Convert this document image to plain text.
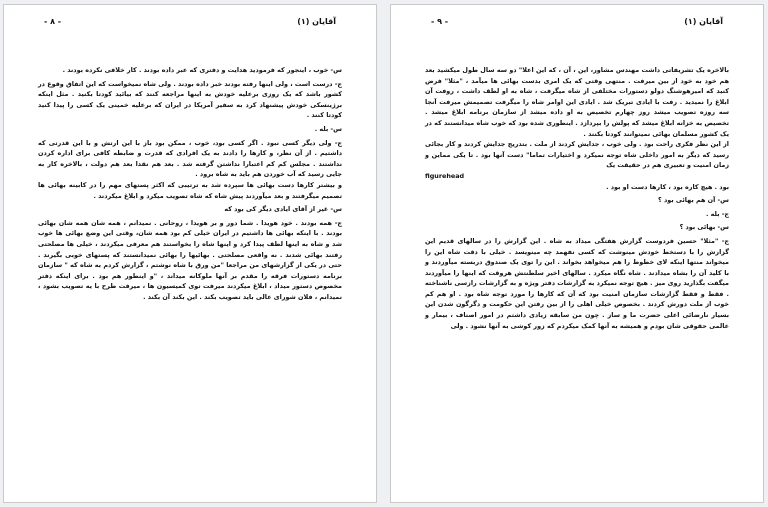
آقایان (۱)
- ۸ -

س- خوب ، اینجور که فرمودید هدایت و دفتری که عبر داده بودند . کار خلافی نکرده بودند .

ج- درست است ، ولی اینها رفته بودند خبر داده بودند . ولی شاه نمیخواست که این اتفاق وقوع در کشور باشد که یک روزی برعلیه خودش به اینها مراجعه کنند که بیائید کودتا بکنید . مثل اینکه برژینسکی خودش پیشنهاد کرد به سفیر آمریکا در ایران که برعلیه خمینی یک کسی را پیدا کنید کودتا کنند .

س- بله .

ج- ولی دیگر کسی نبود . اگر کسی بود، خوب ، ممکن بود باز با این ارتش و با این قدرتی که داشتیم . از آن نظر، و کارها را دادند به یک افرادی که قدرت و ضابطه کافی برای اداره کردن نداشتند . مجلس کم کم اعتبارا نداشتن گرفته شد . بعد هم نقدا بعد هم دولت ، بالاخره کار به جایی رسید که آب خوردن هم باید به شاه برود .

و بیشتر کارها دست بهائی ها سپرده شد به ترتیبی که اکثر پستهای مهم را در کابینه بهائی ها تصمیم میگرفتند و بعد میآوردند پیش شاه که شاه تصویب میکرد و ابلاغ میکردند .

س- غیر از آقای ایادی دیگر کی بود که

ج- همه بودند . خود هویدا . شما دور و بر هویدا ، روحانی . نمیدانم ، همه شان همه شان بهائی بودند . با اینکه بهائی ها داشتیم در ایران خیلی کم بود همه شان، وقتی این وضع بهائی ها خوب شد و شاه به اینها لطف پیدا کرد و اینها شاه را بخواستند هم معرفی میکردند ، خیلی ها مصلحتی رفتند بهائی شدند . نه واقعی مصلحتی . بهائیها را بهائی نمیدانستند که پستهای خوبی بگیرند . حتی در یکی از گزارشهای من مراجعا "من ورق با شاه نوشتم ، گزارش کردم به شاه که " سازمان برنامه دستورات فرقه را مقدم بر آنها ملوکانه میداند ، "و اینطور هم بود . برای اینکه دفتر مخصوص دستور میداد ، ابلاغ میکردند میرفت توی کمیسیون ها ، میرفت طرح با یه تصویب بشود ، نمیدانم ، فلان شورای عالی باید تصویب بکند . این بکند آن بکند .

آقایان (۱)
- ۹ -

بالاخره یک تشریفاتی داشت مهندس مشاور، این ، آن ، که این اعلا" دو سه سال طول میکشید بعد هم خود به خود از بین میرفت . منتهی وقتی که یک امری بدست بهائی ها میآمد ، "مثلا" فرض کنید که امیرهوشنگ دولو دستورات مختلفی از شاه میگرفت ، شاه به او لطف داشت ، روفت آن ابلاغ را نمیدید . رفت با ایادی تبریک شد . ایادی این اوامر شاه را میگرفت تصمیمش میرفت آنجا سه روزه تصویب میشد روز چهارم تخصیص به او داده میشد از سازمان برنامه ابلاغ میشد . تخصیص به خزانه ابلاغ میشد که پولش را بپردازد . اینطوری شده بود که خوب شاه میدانستند که در یک کشور مسلمان بهائی نمیتوانند کودتا بکنند .

از این نظر فکری راحت بود . ولی خوب ، جدایش کردند از ملت . بتدریج جدایش کردند و کار بجائی رسید که دیگر به امور داخلی شاه توجه نمیکرد و اختیارات تماما" دست آنها بود . تا یکی مماین و زمان امنیت و تعبیری هم در حقیقت یک

figurehead

بود . هیچ کاره بود ، کارها دست او بود .

س- آن هم بهائی بود ؟

ج- بله .

س- بهائی بود ؟

ج- "مثلا" حسین فردوست گزارش هفتگی میداد به شاه . این گزارش را در سالهای قدیم این گزارش را با دستخط خودش مینوشت که کسی نفهمد چه مینویسد . خیلی با دقت شاه این را میخواند منتها اینکه لای خطوط را هم میخواهد بخواند . این را توی یک صندوق دربسته میآوردند و با کلید آن را بشاه میدادند . شاه نگاه میکرد . سالهای اخیر سلطنتش هروقت که اینها را میآوردند میگفت بگذارید روی میز . هیچ توجه نمیکرد به گزارشات دفتر ویژه و به گزارشات رازسی ناشناخته . فقط و فقط گزارشات سازمان امنیت بود که آن که کارها را مورد توجه شاه بود . او هم کم خوب از ملت دورش کردند . بخصوص خیلی اهلی را از بین رفتن این حکومت و دگرگون شدن این بسیار نارضائی اعلی حضرت ما و ساز . چون من سابقه زیادی داشتم در امور اصناف ، بیمار و عالمی حقوقی شان بودم و همیشه به آنها کمک میکردم که زور کوشی به آنها نشود . ولی
